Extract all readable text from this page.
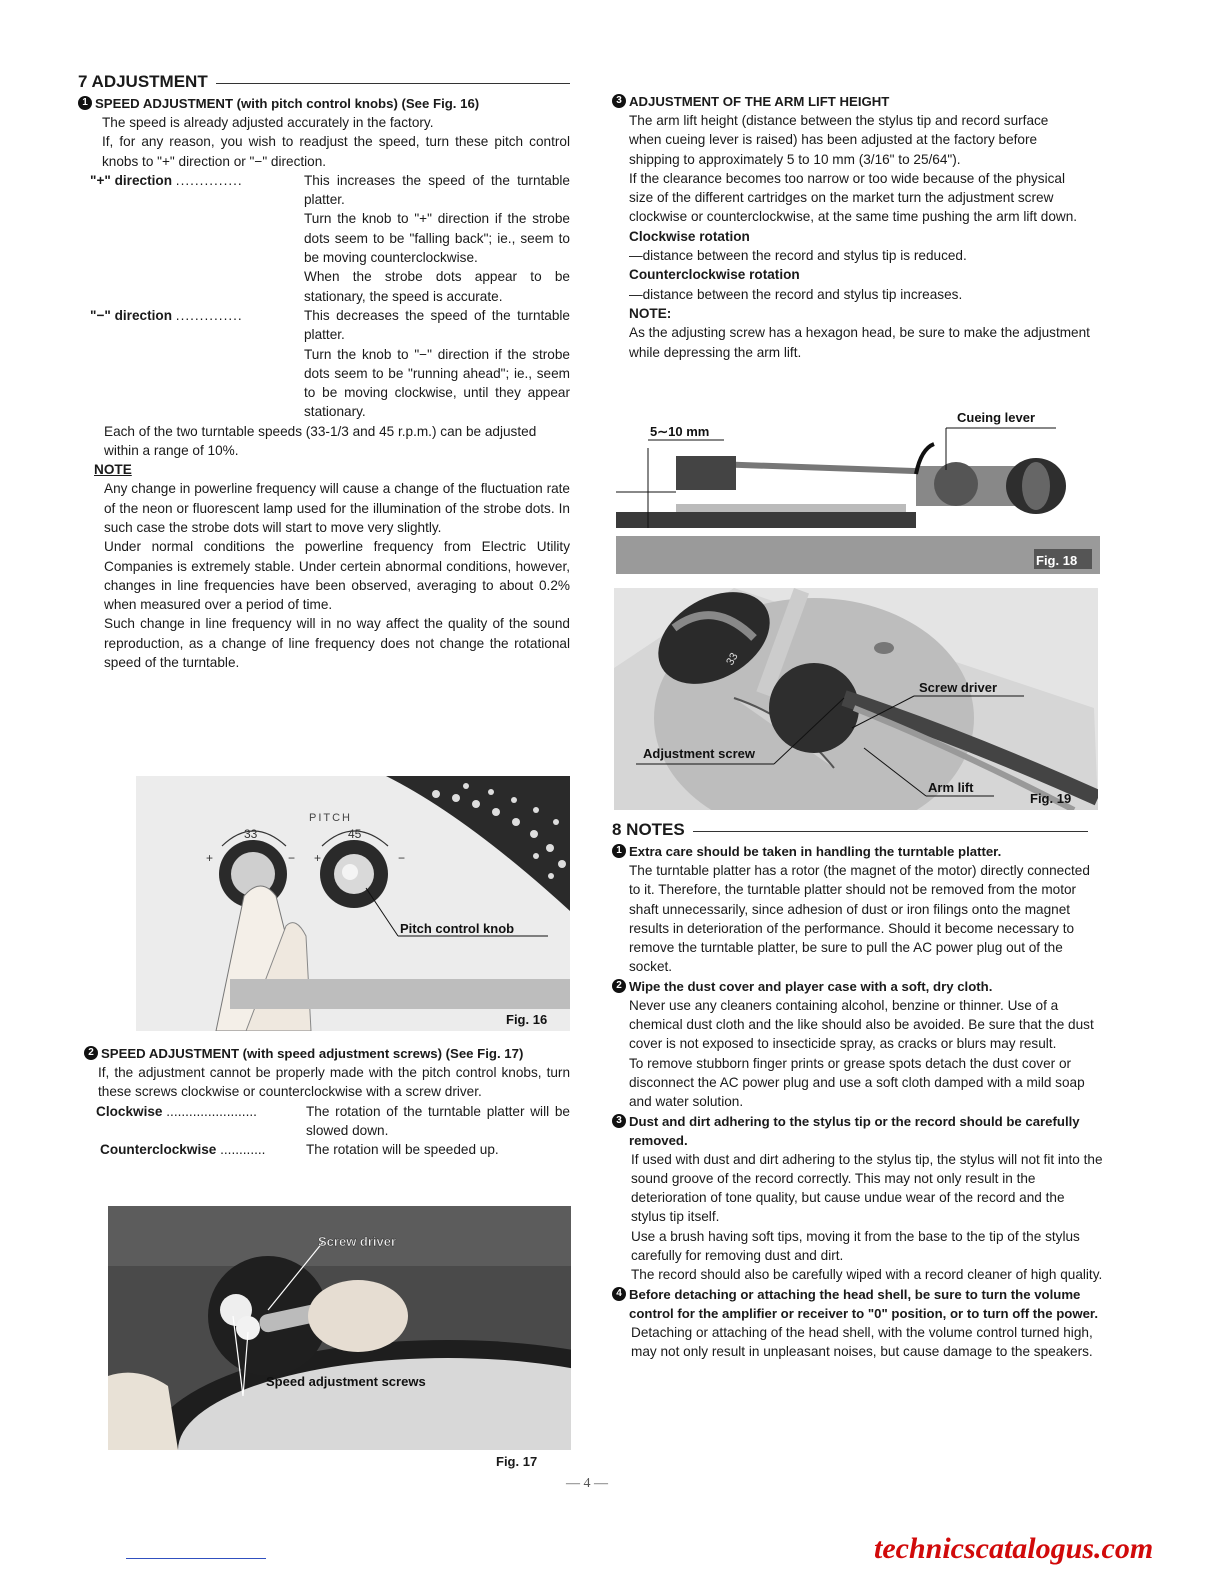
7 ADJUSTMENT
1 SPEED ADJUSTMENT (with pitch control knobs) (See Fig. 16)

The speed is already adjusted accurately in the factory.

If, for any reason, you wish to readjust the speed, turn these pitch control knobs to "+" direction or "−" direction.

"+" direction ..............	This increases the speed of the turntable platter.
Turn the knob to "+" direction if the strobe dots seem to be "falling back"; ie., seem to be moving counterclockwise.
When the strobe dots appear to be stationary, the speed is accurate.
"−" direction ..............	This decreases the speed of the turntable platter.
Turn the knob to "−" direction if the strobe dots seem to be "running ahead"; ie., seem to be moving clockwise, until they appear stationary.

Each of the two turntable speeds (33-1/3 and 45 r.p.m.) can be adjusted within a range of 10%.

NOTE

Any change in powerline frequency will cause a change of the fluctuation rate of the neon or fluorescent lamp used for the illumination of the strobe dots. In such case the strobe dots will start to move very slightly.

Under normal conditions the powerline frequency from Electric Utility Companies is extremely stable. Under certein abnormal conditions, however, changes in line frequencies have been observed, averaging to about 0.2% when measured over a period of time.

Such change in line frequency will in no way affect the quality of the sound reproduction, as a change of line frequency does not change the rotational speed of the turntable.

PITCH
33	45
+	− +	−
Pitch control knob
Fig. 16
2 SPEED ADJUSTMENT (with speed adjustment screws) (See Fig. 17)

If, the adjustment cannot be properly made with the pitch control knobs, turn these screws clockwise or counterclockwise with a screw driver.

Clockwise ........................	The rotation of the turntable platter will be slowed down.
Counterclockwise ............	The rotation will be speeded up.
Screw driver
Speed adjustment screws
Fig. 17
3 ADJUSTMENT OF THE ARM LIFT HEIGHT

The arm lift height (distance between the stylus tip and record surface when cueing lever is raised) has been adjusted at the factory before shipping to approximately 5 to 10 mm (3/16" to 25/64").

If the clearance becomes too narrow or too wide because of the physical size of the different cartridges on the market turn the adjustment screw clockwise or counterclockwise, at the same time pushing the arm lift down.

Clockwise rotation

—distance between the record and stylus tip is reduced.

Counterclockwise rotation

—distance between the record and stylus tip increases.

NOTE:

As the adjusting screw has a hexagon head, be sure to make the adjustment while depressing the arm lift.

5∼10 mm
Cueing lever
Fig. 18
33
Screw driver
Adjustment screw
Arm lift
Fig. 19
8 NOTES
1 Extra care should be taken in handling the turntable platter.

The turntable platter has a rotor (the magnet of the motor) directly connected to it. Therefore, the turntable platter should not be removed from the motor shaft unnecessarily, since adhesion of dust or iron filings onto the magnet results in deterioration of the performance. Should it become necessary to remove the turntable platter, be sure to pull the AC power plug out of the socket.

2 Wipe the dust cover and player case with a soft, dry cloth.

Never use any cleaners containing alcohol, benzine or thinner. Use of a chemical dust cloth and the like should also be avoided. Be sure that the dust cover is not exposed to insecticide spray, as cracks or blurs may result.

To remove stubborn finger prints or grease spots detach the dust cover or disconnect the AC power plug and use a soft cloth damped with a mild soap and water solution.

3 Dust and dirt adhering to the stylus tip or the record should be carefully removed.

If used with dust and dirt adhering to the stylus tip, the stylus will not fit into the sound groove of the record correctly. This may not only result in the deterioration of tone quality, but cause undue wear of the record and the stylus tip itself.

Use a brush having soft tips, moving it from the base to the tip of the stylus carefully for removing dust and dirt.

The record should also be carefully wiped with a record cleaner of high quality.

4 Before detaching or attaching the head shell, be sure to turn the volume control for the amplifier or receiver to "0" position, or to turn off the power.

Detaching or attaching of the head shell, with the volume control turned high, may not only result in unpleasant noises, but cause damage to the speakers.

— 4 —
technicscatalogus.com
